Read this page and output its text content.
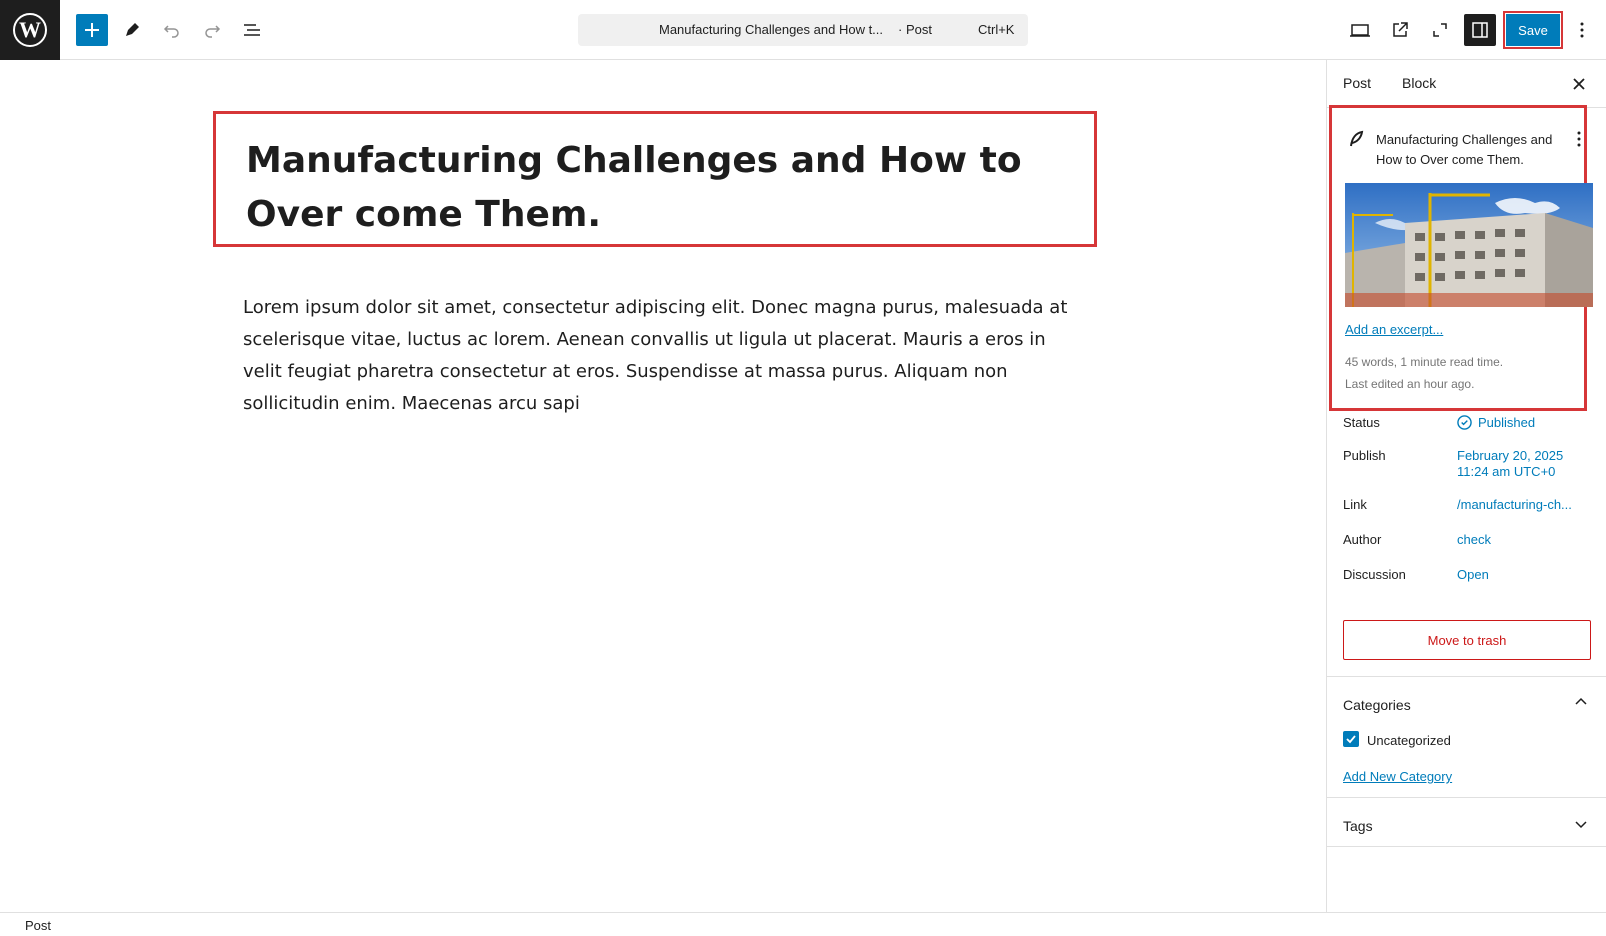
W	Manufacturing Challenges and How t... · Post	Ctrl+K	Save
Manufacturing Challenges and How to Over come Them.
Lorem ipsum dolor sit amet, consectetur adipiscing elit. Donec magna purus, malesuada at scelerisque vitae, luctus ac lorem. Aenean convallis ut ligula ut placerat. Mauris a eros in velit feugiat pharetra consectetur at eros. Suspendisse at massa purus. Aliquam non sollicitudin enim. Maecenas arcu sapi
Post Block
Manufacturing Challenges and How to Over come Them.
Add an excerpt...
45 words, 1 minute read time.
Last edited an hour ago.
Status	Published
Publish	February 20, 2025
11:24 am UTC+0
Link	/manufacturing-ch...
Author	check
Discussion	Open
Move to trash
Categories
Uncategorized
Add New Category
Tags
Post
